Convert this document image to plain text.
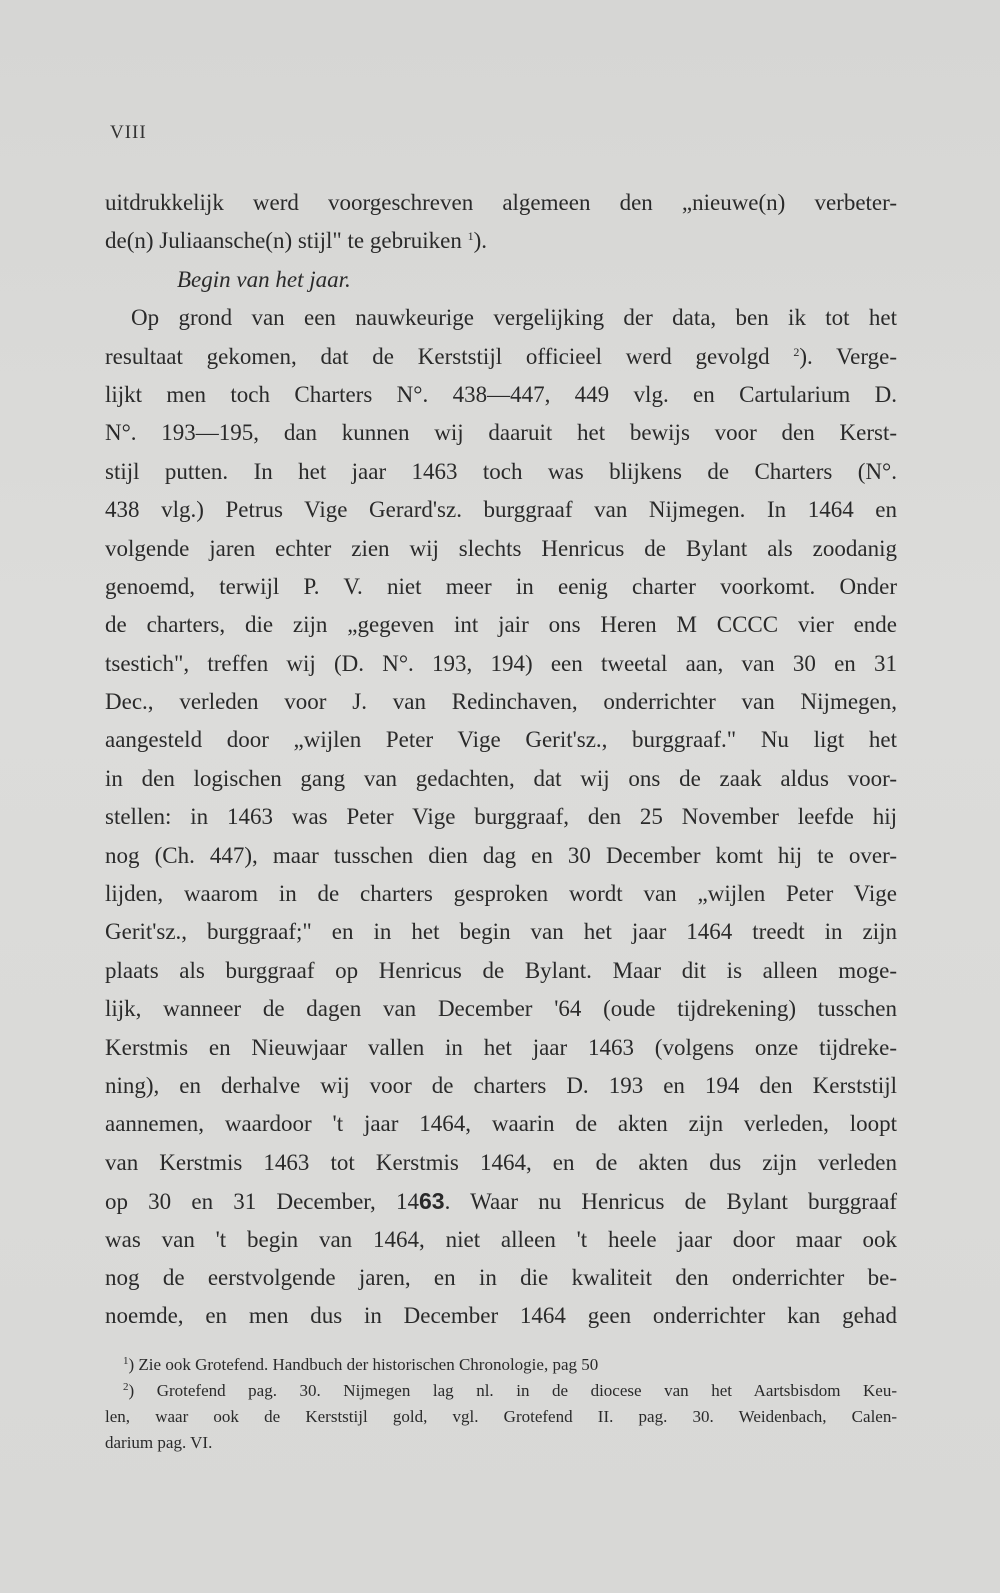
VIII
uitdrukkelijk werd voorgeschreven algemeen den „nieuwe(n) verbeter-
de(n) Juliaansche(n) stijl" te gebruiken $^1$).
Begin van het jaar.
Op grond van een nauwkeurige vergelijking der data, ben ik tot het
resultaat gekomen, dat de Kerststijl officieel werd gevolgd $^2$). Verge-
lijkt men toch Charters N°. 438—447, 449 vlg. en Cartularium D.
N°. 193—195, dan kunnen wij daaruit het bewijs voor den Kerst-
stijl putten. In het jaar 1463 toch was blijkens de Charters (N°.
438 vlg.) Petrus Vige Gerard'sz. burggraaf van Nijmegen. In 1464 en
volgende jaren echter zien wij slechts Henricus de Bylant als zoodanig
genoemd, terwijl P. V. niet meer in eenig charter voorkomt. Onder
de charters, die zijn „gegeven int jair ons Heren M CCCC vier ende
tsestich", treffen wij (D. N°. 193, 194) een tweetal aan, van 30 en 31
Dec., verleden voor J. van Redinchaven, onderrichter van Nijmegen,
aangesteld door „wijlen Peter Vige Gerit'sz., burggraaf." Nu ligt het
in den logischen gang van gedachten, dat wij ons de zaak aldus voor-
stellen: in 1463 was Peter Vige burggraaf, den 25 November leefde hij
nog (Ch. 447), maar tusschen dien dag en 30 December komt hij te over-
lijden, waarom in de charters gesproken wordt van „wijlen Peter Vige
Gerit'sz., burggraaf;" en in het begin van het jaar 1464 treedt in zijn
plaats als burggraaf op Henricus de Bylant. Maar dit is alleen moge-
lijk, wanneer de dagen van December '64 (oude tijdrekening) tusschen
Kerstmis en Nieuwjaar vallen in het jaar 1463 (volgens onze tijdreke-
ning), en derhalve wij voor de charters D. 193 en 194 den Kerststijl
aannemen, waardoor 't jaar 1464, waarin de akten zijn verleden, loopt
van Kerstmis 1463 tot Kerstmis 1464, en de akten dus zijn verleden
op 30 en 31 December, 1463. Waar nu Henricus de Bylant burggraaf
was van 't begin van 1464, niet alleen 't heele jaar door maar ook
nog de eerstvolgende jaren, en in die kwaliteit den onderrichter be-
noemde, en men dus in December 1464 geen onderrichter kan gehad
$^1$) Zie ook Grotefend. Handbuch der historischen Chronologie, pag 50
$^2$) Grotefend pag. 30. Nijmegen lag nl. in de diocese van het Aartsbisdom Keu-
len, waar ook de Kerststijl gold, vgl. Grotefend II. pag. 30. Weidenbach, Calen-
darium pag. VI.
